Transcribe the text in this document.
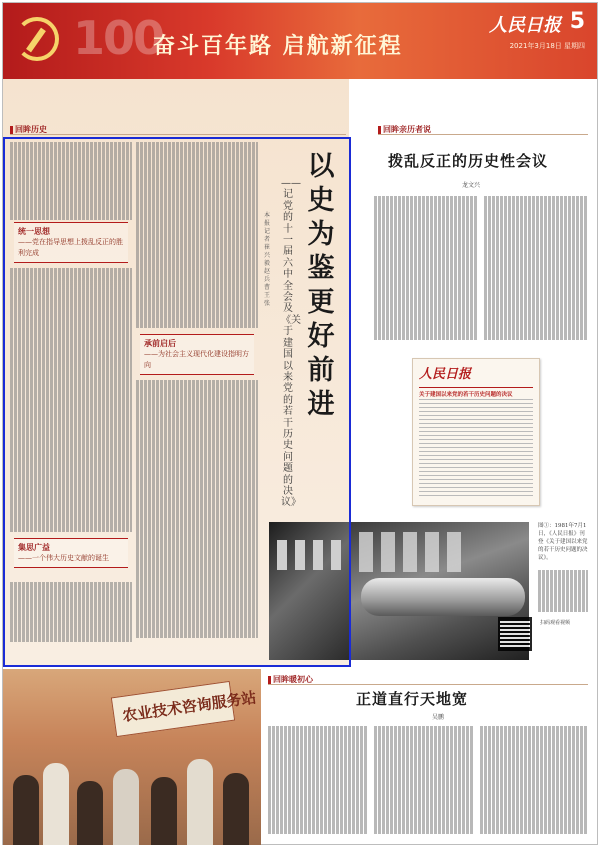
100
奋斗百年路 启航新征程
人民日报 5
2021年3月18日 星期四
回眸历史	回眸亲历者说
统一思想
——党在指导思想上拨乱反正的胜利完成
集思广益
——一个伟大历史文献的诞生
承前启后
——为社会主义现代化建设指明方向
以史为鉴更好前进
——记党的十一届六中全会及《关于建国以来党的若干历史问题的决议》
本报记者 崔兴毅 赵兵 曹 王 张
拨乱反正的历史性会议
龙文兴
人民日报
关于建国以来党的若干历史问题的决议
图①：1981年7月1日，《人民日报》刊登《关于建国以来党的若干历史问题的决议》。
扫码观看视频
农业技术咨询服务站
回眸暖初心
正道直行天地宽
吴鹏
